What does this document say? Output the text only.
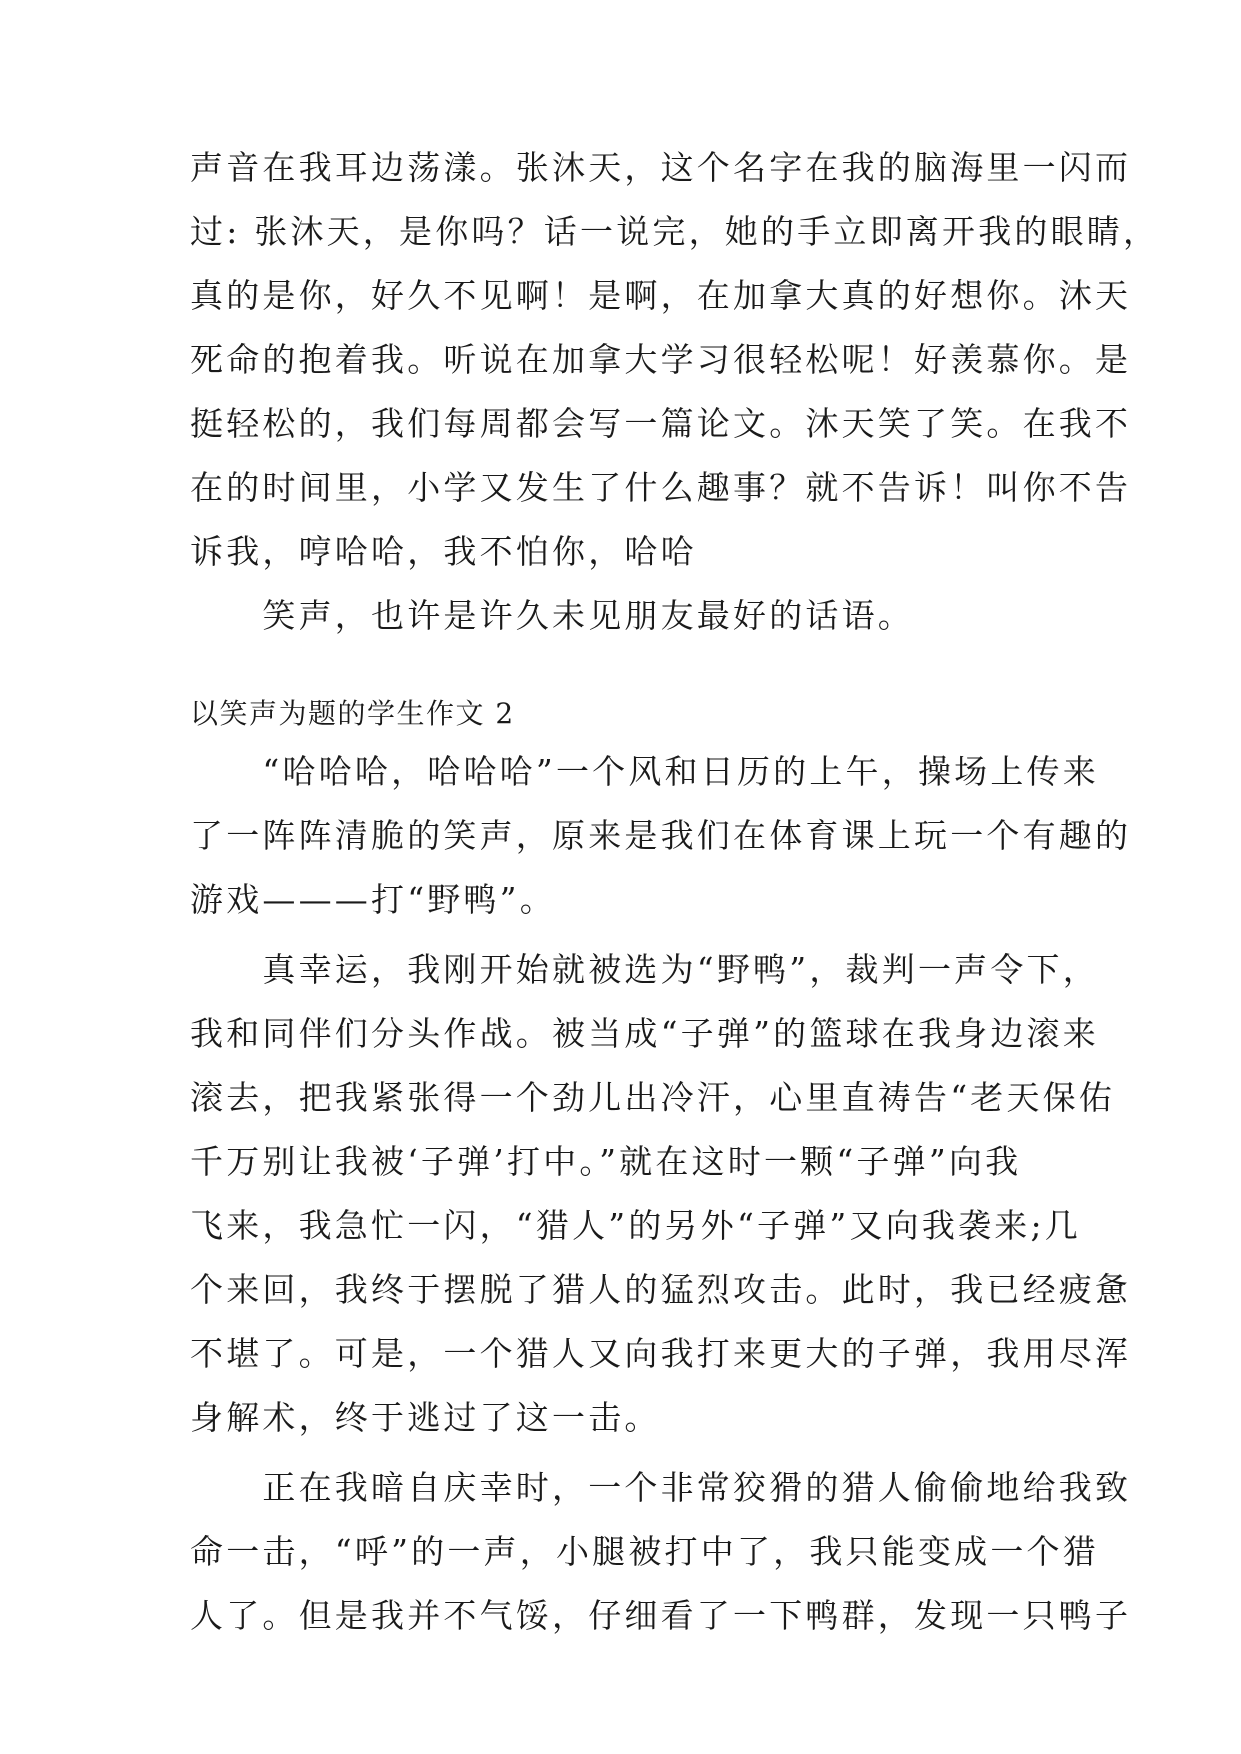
声音在我耳边荡漾。张沐天，这个名字在我的脑海里一闪而
过: 张沐天，是你吗？话一说完，她的手立即离开我的眼睛，
真的是你，好久不见啊！是啊，在加拿大真的好想你。沐天
死命的抱着我。听说在加拿大学习很轻松呢！好羡慕你。是
挺轻松的，我们每周都会写一篇论文。沐天笑了笑。在我不
在的时间里，小学又发生了什么趣事？就不告诉！叫你不告
诉我，哼哈哈，我不怕你，哈哈
　　笑声，也许是许久未见朋友最好的话语。
以笑声为题的学生作文 2
　　“哈哈哈，哈哈哈”一个风和日历的上午，操场上传来
了一阵阵清脆的笑声，原来是我们在体育课上玩一个有趣的
游戏———打“野鸭”。
　　真幸运，我刚开始就被选为“野鸭”，裁判一声令下，
我和同伴们分头作战。被当成“子弹”的篮球在我身边滚来
滚去，把我紧张得一个劲儿出冷汗，心里直祷告“老天保佑
千万别让我被‘子弹’打中。”就在这时一颗“子弹”向我
飞来，我急忙一闪，“猎人”的另外“子弹”又向我袭来;几
个来回，我终于摆脱了猎人的猛烈攻击。此时，我已经疲惫
不堪了。可是，一个猎人又向我打来更大的子弹，我用尽浑
身解术，终于逃过了这一击。
　　正在我暗自庆幸时，一个非常狡猾的猎人偷偷地给我致
命一击，“呼”的一声，小腿被打中了，我只能变成一个猎
人了。但是我并不气馁，仔细看了一下鸭群，发现一只鸭子
